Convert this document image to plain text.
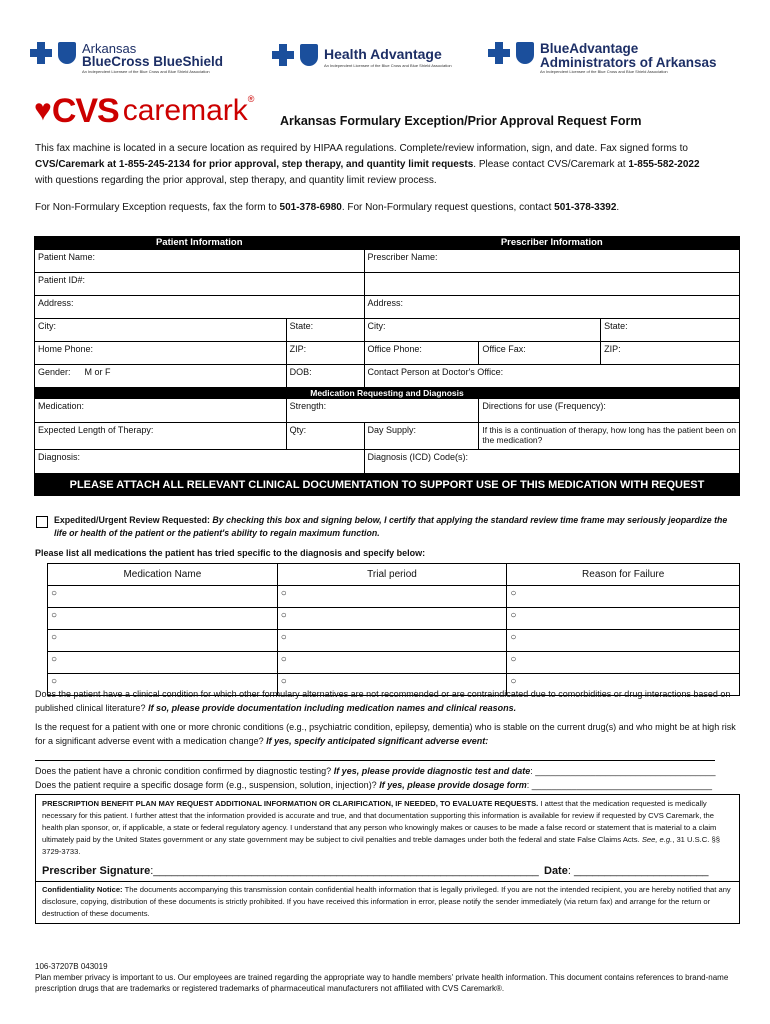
Arkansas
BlueCross BlueShield
An Independent Licensee of the Blue Cross and Blue Shield Association
Health Advantage
An Independent Licensee of the Blue Cross and Blue Shield Association
BlueAdvantage
Administrators of Arkansas
An Independent Licensee of the Blue Cross and Blue Shield Association
♥ CVS caremark ®
Arkansas Formulary Exception/Prior Approval Request Form
This fax machine is located in a secure location as required by HIPAA regulations. Complete/review information, sign, and date. Fax signed forms to
CVS/Caremark at 1-855-245-2134 for prior approval, step therapy, and quantity limit requests. Please contact CVS/Caremark at 1-855-582-2022
with questions regarding the prior approval, step therapy, and quantity limit review process.
For Non-Formulary Exception requests, fax the form to 501-378-6980. For Non-Formulary request questions, contact 501-378-3392.
Patient Information		Prescriber Information		
Patient Name:		Prescriber Name:		
Patient ID#:				
Address:		Address:		
City:	State:	City:		State:
Home Phone:	ZIP:	Office Phone:	Office Fax:	ZIP:
Gender: M or F	DOB:	Contact Person at Doctor's Office:		
Medication Requesting and Diagnosis				
Medication:	Strength:		Directions for use (Frequency):	
Expected Length of Therapy:	Qty:	Day Supply:	If this is a continuation of therapy, how long has the patient been on the medication?	
Diagnosis:		Diagnosis (ICD) Code(s):		
PLEASE ATTACH ALL RELEVANT CLINICAL DOCUMENTATION TO SUPPORT USE OF THIS MEDICATION WITH REQUEST				
Expedited/Urgent Review Requested: By checking this box and signing below, I certify that applying the standard review time frame may seriously jeopardize the life or health of the patient or the patient's ability to regain maximum function.
Please list all medications the patient has tried specific to the diagnosis and specify below:
Medication Name	Trial period	Reason for Failure
○	○	○
○	○	○
○	○	○
○	○	○
○	○	○
Does the patient have a clinical condition for which other formulary alternatives are not recommended or are contraindicated due to comorbidities or drug interactions based on published clinical literature? If so, please provide documentation including medication names and clinical reasons.
Is the request for a patient with one or more chronic conditions (e.g., psychiatric condition, epilepsy, dementia) who is stable on the current drug(s) and who might be at high risk for a significant adverse event with a medication change? If yes, specify anticipated significant adverse event:
Does the patient have a chronic condition confirmed by diagnostic testing? If yes, please provide diagnostic test and date: ____________________________________
Does the patient require a specific dosage form (e.g., suspension, solution, injection)? If yes, please provide dosage form: ____________________________________
PRESCRIPTION BENEFIT PLAN MAY REQUEST ADDITIONAL INFORMATION OR CLARIFICATION, IF NEEDED, TO EVALUATE REQUESTS. I attest that the medication requested is medically necessary for this patient. I further attest that the information provided is accurate and true, and that documentation supporting this information is available for review if requested by CVS Caremark, the health plan sponsor, or, if applicable, a state or federal regulatory agency. I understand that any person who knowingly makes or causes to be made a false record or statement that is material to a claim ultimately paid by the United States government or any state government may be subject to civil penalties and treble damages under both the federal and state False Claims Acts. See, e.g., 31 U.S.C. §§ 3729-3733.
Prescriber Signature:_______________________________________________________________ Date: ______________________
Confidentiality Notice: The documents accompanying this transmission contain confidential health information that is legally privileged. If you are not the intended recipient, you are hereby notified that any disclosure, copying, distribution of these documents is strictly prohibited. If you have received this information in error, please notify the sender immediately (via return fax) and arrange for the return or destruction of these documents.
106-37207B 043019
Plan member privacy is important to us. Our employees are trained regarding the appropriate way to handle members' private health information. This document contains references to brand-name prescription drugs that are trademarks or registered trademarks of pharmaceutical manufacturers not affiliated with CVS Caremark®.
